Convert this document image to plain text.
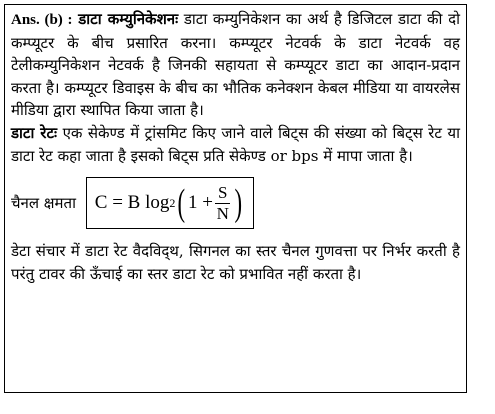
Ans. (b) : डाटा कम्युनिकेशनः डाटा कम्युनिकेशन का अर्थ है डिजिटल डाटा की दो कम्प्यूटर के बीच प्रसारित करना। कम्प्यूटर नेटवर्क के डाटा नेटवर्क वह टेलीकम्युनिकेशन नेटवर्क है जिनकी सहायता से कम्प्यूटर डाटा का आदान-प्रदान करता है। कम्प्यूटर डिवाइस के बीच का भौतिक कनेक्शन केबल मीडिया या वायरलेस मीडिया द्वारा स्थापित किया जाता है।

डाटा रेटः एक सेकेण्ड में ट्रांसमिट किए जाने वाले बिट्स की संख्या को बिट्स रेट या डाटा रेट कहा जाता है इसको बिट्स प्रति सेकेण्ड or bps में मापा जाता है।

चैनल क्षमता C = B log 2 ( $1 + \frac{S}{N}$ )

डेटा संचार में डाटा रेट वैदविद्थ, सिगनल का स्तर चैनल गुणवत्ता पर निर्भर करती है परंतु टावर की ऊँचाई का स्तर डाटा रेट को प्रभावित नहीं करता है।
